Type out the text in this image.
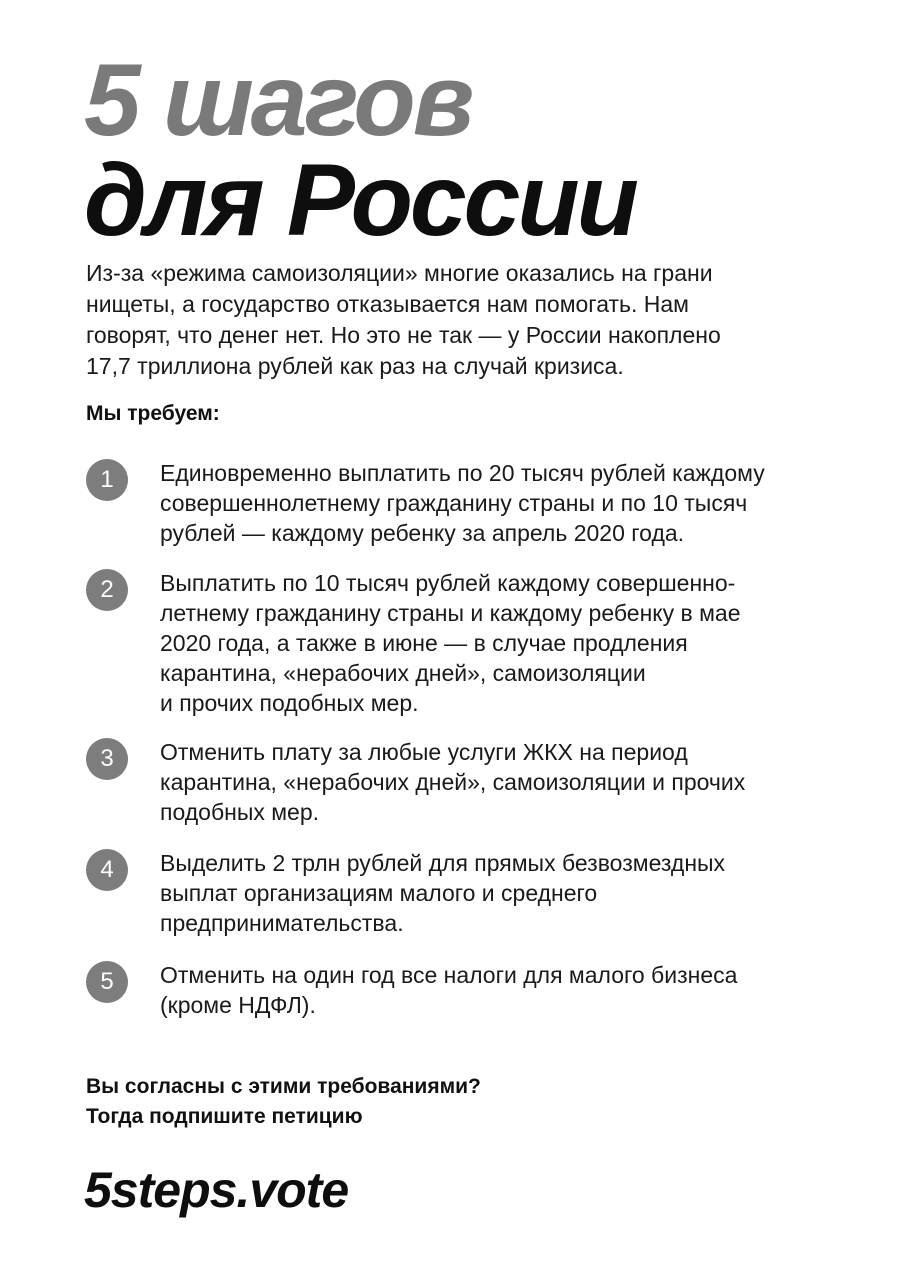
5 шагов
для России

Из-за «режима самоизоляции» многие оказались на грани
нищеты, а государство отказывается нам помогать. Нам
говорят, что денег нет. Но это не так — у России накоплено
17,7 триллиона рублей как раз на случай кризиса.

Мы требуем:
1	Единовременно выплатить по 20 тысяч рублей каждому
совершеннолетнему гражданину страны и по 10 тысяч
рублей — каждому ребенку за апрель 2020 года.
2	Выплатить по 10 тысяч рублей каждому совершенно-
летнему гражданину страны и каждому ребенку в мае
2020 года, а также в июне — в случае продления
карантина, «нерабочих дней», самоизоляции
и прочих подобных мер.
3	Отменить плату за любые услуги ЖКХ на период
карантина, «нерабочих дней», самоизоляции и прочих
подобных мер.
4	Выделить 2 трлн рублей для прямых безвозмездных
выплат организациям малого и среднего
предпринимательства.
5	Отменить на один год все налоги для малого бизнеса
(кроме НДФЛ).

Вы согласны с этими требованиями?
Тогда подпишите петицию

5steps.vote
